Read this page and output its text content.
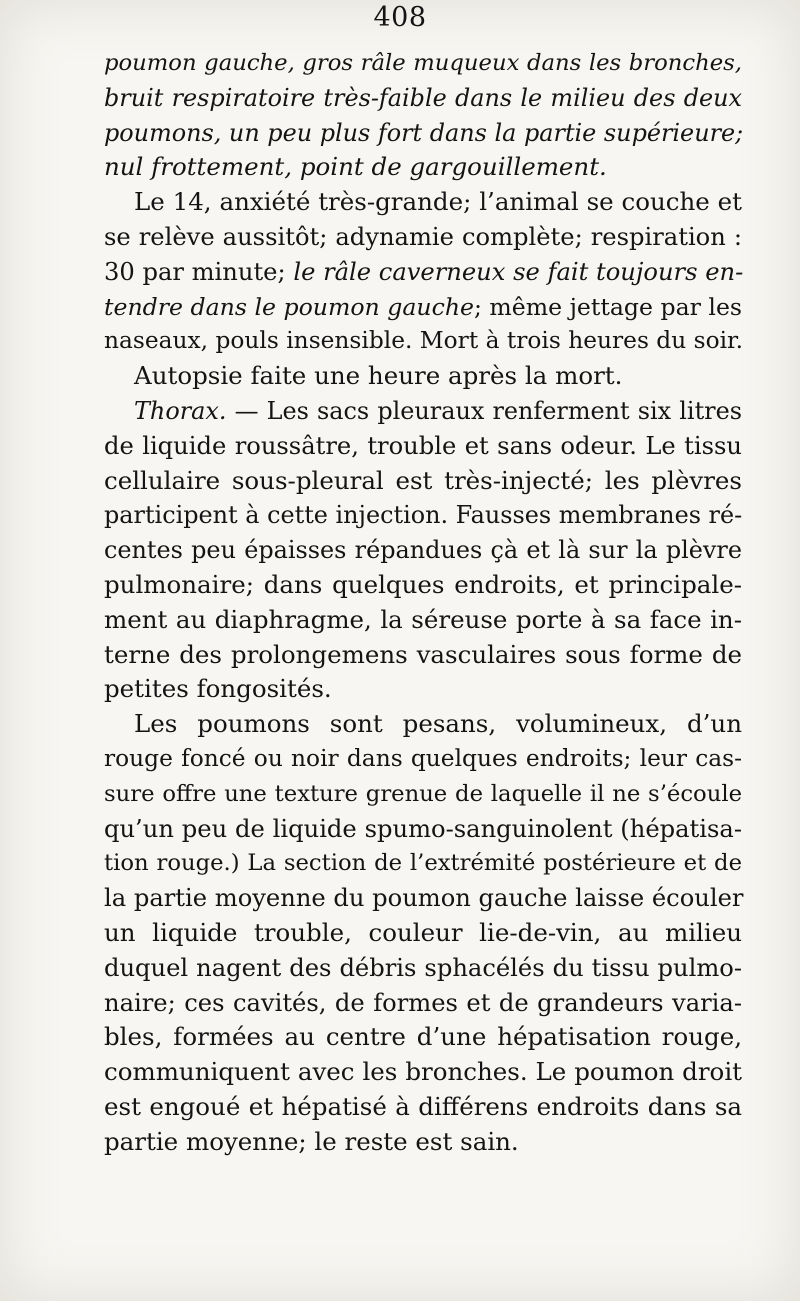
408
poumon gauche, gros râle muqueux dans les bronches,
bruit respiratoire très-faible dans le milieu des deux
poumons, un peu plus fort dans la partie supérieure;
nul frottement, point de gargouillement.
Le 14, anxiété très-grande; l’animal se couche et
se relève aussitôt; adynamie complète; respiration :
30 par minute; le râle caverneux se fait toujours en-
tendre dans le poumon gauche; même jettage par les
naseaux, pouls insensible. Mort à trois heures du soir.
Autopsie faite une heure après la mort.
Thorax. — Les sacs pleuraux renferment six litres
de liquide roussâtre, trouble et sans odeur. Le tissu
cellulaire sous-pleural est très-injecté; les plèvres
participent à cette injection. Fausses membranes ré-
centes peu épaisses répandues çà et là sur la plèvre
pulmonaire; dans quelques endroits, et principale-
ment au diaphragme, la séreuse porte à sa face in-
terne des prolongemens vasculaires sous forme de
petites fongosités.
Les poumons sont pesans, volumineux, d’un
rouge foncé ou noir dans quelques endroits; leur cas-
sure offre une texture grenue de laquelle il ne s’écoule
qu’un peu de liquide spumo-sanguinolent (hépatisa-
tion rouge.) La section de l’extrémité postérieure et de
la partie moyenne du poumon gauche laisse écouler
un liquide trouble, couleur lie-de-vin, au milieu
duquel nagent des débris sphacélés du tissu pulmo-
naire; ces cavités, de formes et de grandeurs varia-
bles, formées au centre d’une hépatisation rouge,
communiquent avec les bronches. Le poumon droit
est engoué et hépatisé à différens endroits dans sa
partie moyenne; le reste est sain.
